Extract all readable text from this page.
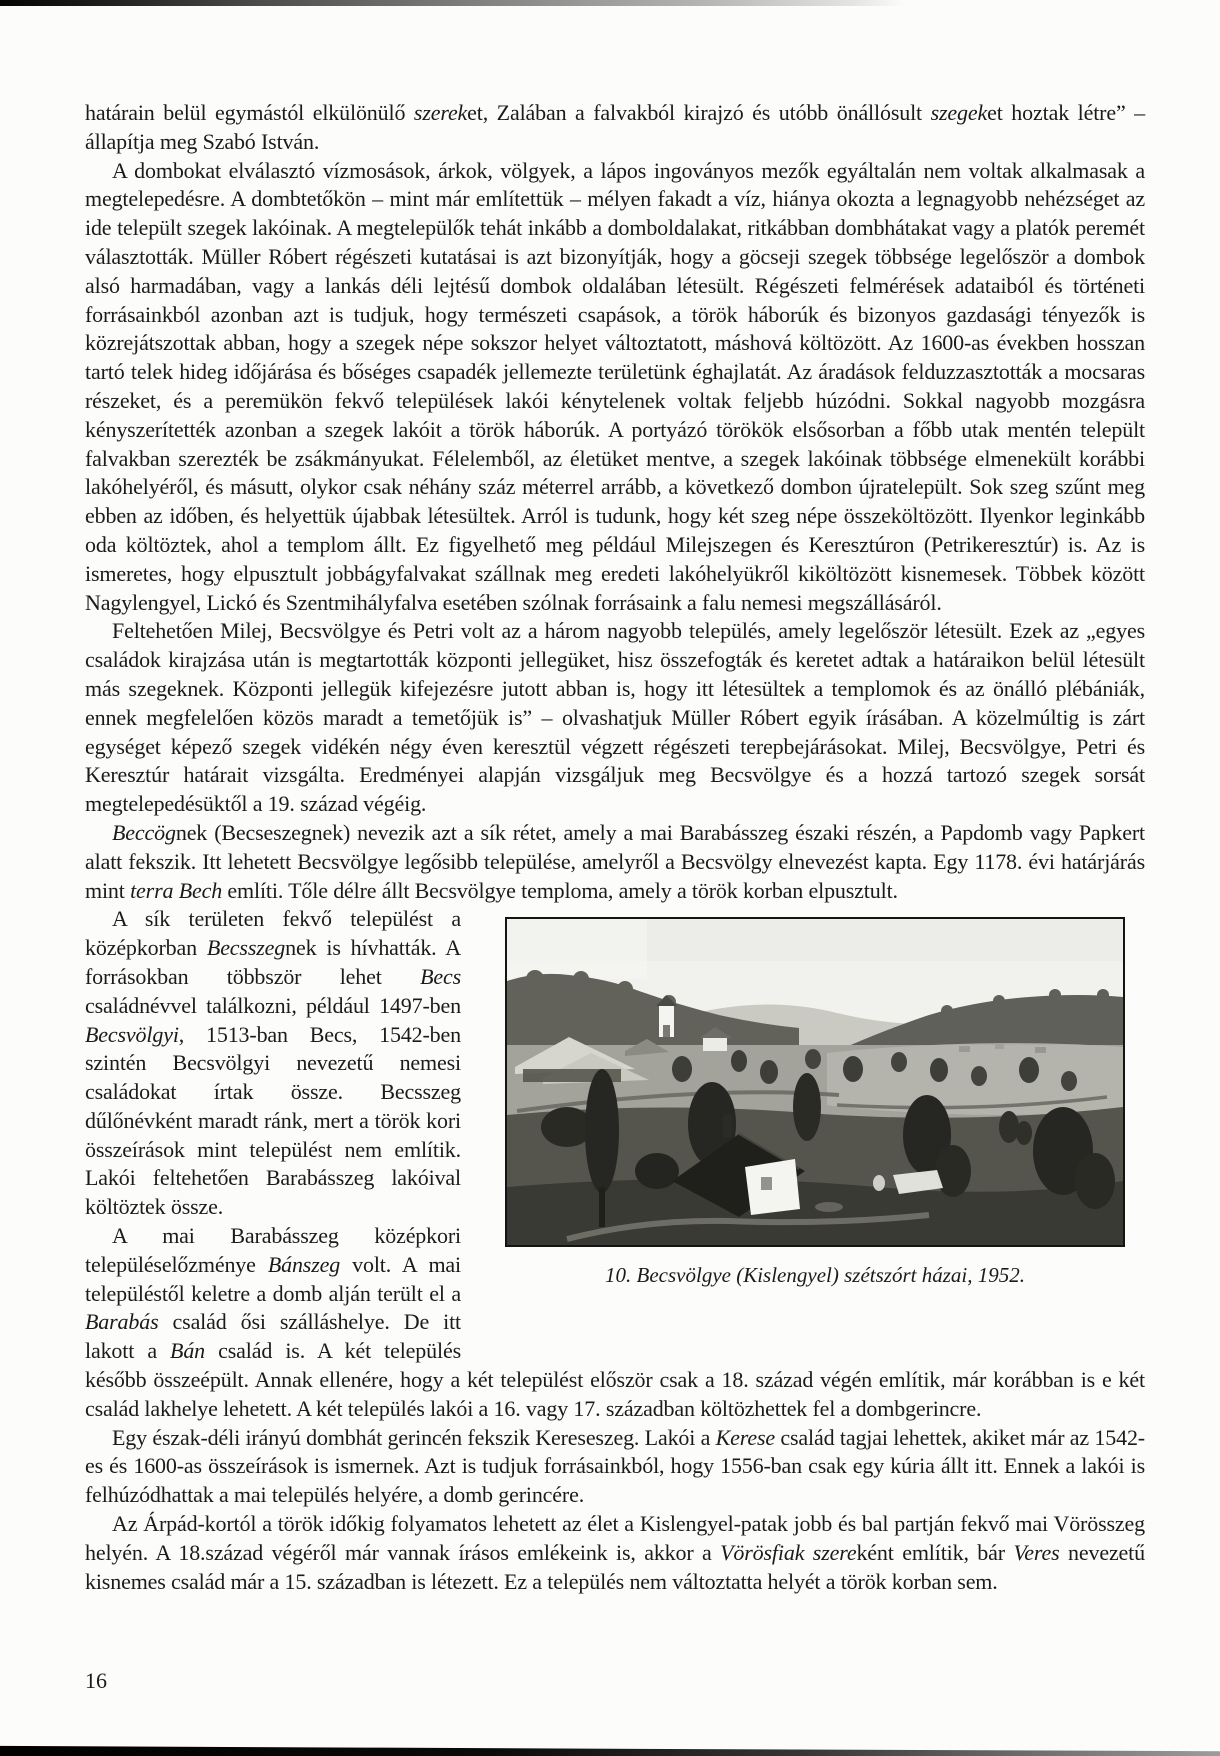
határain belül egymástól elkülönülő szereket, Zalában a falvakból kirajzó és utóbb önállósult szegeket hoztak létre” – állapítja meg Szabó István.

A dombokat elválasztó vízmosások, árkok, völgyek, a lápos ingoványos mezők egyáltalán nem voltak alkalmasak a megtelepedésre. A dombtetőkön – mint már említettük – mélyen fakadt a víz, hiánya okozta a legnagyobb nehézséget az ide települt szegek lakóinak. A megtelepülők tehát inkább a domboldalakat, ritkábban dombhátakat vagy a platók peremét választották. Müller Róbert régészeti kutatásai is azt bizonyítják, hogy a göcseji szegek többsége legelőször a dombok alsó harmadában, vagy a lankás déli lejtésű dombok oldalában létesült. Régészeti felmérések adataiból és történeti forrásainkból azonban azt is tudjuk, hogy természeti csapások, a török háborúk és bizonyos gazdasági tényezők is közrejátszottak abban, hogy a szegek népe sokszor helyet változtatott, máshová költözött. Az 1600-as években hosszan tartó telek hideg időjárása és bőséges csapadék jellemezte területünk éghajlatát. Az áradások felduzzasztották a mocsaras részeket, és a peremükön fekvő települések lakói kénytelenek voltak feljebb húzódni. Sokkal nagyobb mozgásra kényszerítették azonban a szegek lakóit a török háborúk. A portyázó törökök elsősorban a főbb utak mentén települt falvakban szerezték be zsákmányukat. Félelemből, az életüket mentve, a szegek lakóinak többsége elmenekült korábbi lakóhelyéről, és másutt, olykor csak néhány száz méterrel arrább, a következő dombon újratelepült. Sok szeg szűnt meg ebben az időben, és helyettük újabbak létesültek. Arról is tudunk, hogy két szeg népe összeköltözött. Ilyenkor leginkább oda költöztek, ahol a templom állt. Ez figyelhető meg például Milejszegen és Keresztúron (Petrikeresztúr) is. Az is ismeretes, hogy elpusztult jobbágyfalvakat szállnak meg eredeti lakóhelyükről kiköltözött kisnemesek. Többek között Nagylengyel, Lickó és Szentmihályfalva esetében szólnak forrásaink a falu nemesi megszállásáról.

Feltehetően Milej, Becsvölgye és Petri volt az a három nagyobb település, amely legelőször létesült. Ezek az „egyes családok kirajzása után is megtartották központi jellegüket, hisz összefogták és keretet adtak a határaikon belül létesült más szegeknek. Központi jellegük kifejezésre jutott abban is, hogy itt létesültek a templomok és az önálló plébániák, ennek megfelelően közös maradt a temetőjük is” – olvashatjuk Müller Róbert egyik írásában. A közelmúltig is zárt egységet képező szegek vidékén négy éven keresztül végzett régészeti terepbejárásokat. Milej, Becsvölgye, Petri és Keresztúr határait vizsgálta. Eredményei alapján vizsgáljuk meg Becsvölgye és a hozzá tartozó szegek sorsát megtelepedésüktől a 19. század végéig.

Beccögnek (Becseszegnek) nevezik azt a sík rétet, amely a mai Barabásszeg északi részén, a Papdomb vagy Papkert alatt fekszik. Itt lehetett Becsvölgye legősibb települése, amelyről a Becsvölgy elnevezést kapta. Egy 1178. évi határjárás mint terra Bech említi. Tőle délre állt Becsvölgye temploma, amely a török korban elpusztult.

10. Becsvölgye (Kislengyel) szétszórt házai, 1952.

A sík területen fekvő települést a középkorban Becsszegnek is hívhatták. A forrásokban többször lehet Becs családnévvel találkozni, például 1497-ben Becsvölgyi, 1513-ban Becs, 1542-ben szintén Becsvölgyi nevezetű nemesi családokat írtak össze. Becsszeg dűlőnévként maradt ránk, mert a török kori összeírások mint települést nem említik. Lakói feltehetően Barabásszeg lakóival költöztek össze.

A mai Barabásszeg középkori településelőzménye Bánszeg volt. A mai településtől keletre a domb alján terült el a Barabás család ősi szálláshelye. De itt lakott a Bán család is. A két település később összeépült. Annak ellenére, hogy a két települést először csak a 18. század végén említik, már korábban is e két család lakhelye lehetett. A két település lakói a 16. vagy 17. században költözhettek fel a dombgerincre.

Egy észak-déli irányú dombhát gerincén fekszik Kereseszeg. Lakói a Kerese család tagjai lehettek, akiket már az 1542-es és 1600-as összeírások is ismernek. Azt is tudjuk forrásainkból, hogy 1556-ban csak egy kúria állt itt. Ennek a lakói is felhúzódhattak a mai település helyére, a domb gerincére.

Az Árpád-kortól a török időkig folyamatos lehetett az élet a Kislengyel-patak jobb és bal partján fekvő mai Vörösszeg helyén. A 18.század végéről már vannak írásos emlékeink is, akkor a Vörösfiak szereként említik, bár Veres nevezetű kisnemes család már a 15. században is létezett. Ez a település nem változtatta helyét a török korban sem.

16
